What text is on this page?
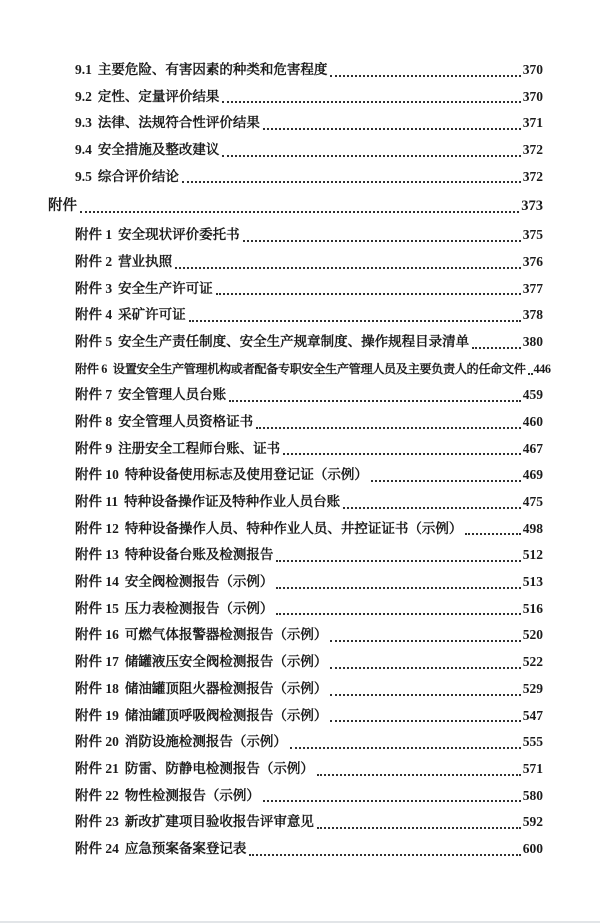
9.1 主要危险、有害因素的种类和危害程度	370
9.2 定性、定量评价结果	370
9.3 法律、法规符合性评价结果	371
9.4 安全措施及整改建议	372
9.5 综合评价结论	372
附件	373
附件 1 安全现状评价委托书	375
附件 2 营业执照	376
附件 3 安全生产许可证	377
附件 4 采矿许可证	378
附件 5 安全生产责任制度、安全生产规章制度、操作规程目录清单	380
附件 6 设置安全生产管理机构或者配备专职安全生产管理人员及主要负责人的任命文件 446
附件 7 安全管理人员台账	459
附件 8 安全管理人员资格证书	460
附件 9 注册安全工程师台账、证书	467
附件 10 特种设备使用标志及使用登记证（示例）	469
附件 11 特种设备操作证及特种作业人员台账	475
附件 12 特种设备操作人员、特种作业人员、井控证证书（示例）	498
附件 13 特种设备台账及检测报告	512
附件 14 安全阀检测报告（示例）	513
附件 15 压力表检测报告（示例）	516
附件 16 可燃气体报警器检测报告（示例）	520
附件 17 储罐液压安全阀检测报告（示例）	522
附件 18 储油罐顶阻火器检测报告（示例）	529
附件 19 储油罐顶呼吸阀检测报告（示例）	547
附件 20 消防设施检测报告（示例）	555
附件 21 防雷、防静电检测报告（示例）	571
附件 22 物性检测报告（示例）	580
附件 23 新改扩建项目验收报告评审意见	592
附件 24 应急预案备案登记表	600
